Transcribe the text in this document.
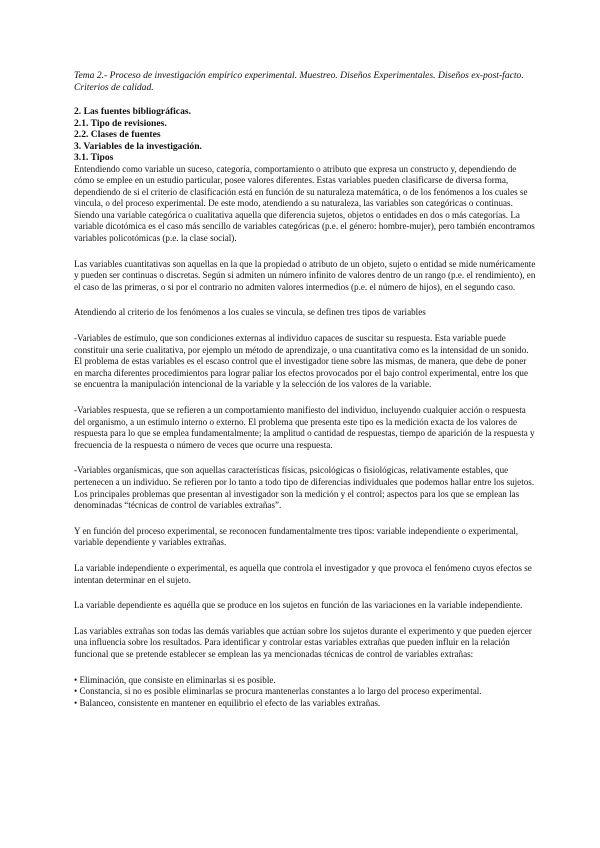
Tema 2.- Proceso de investigación empírico experimental. Muestreo. Diseños Experimentales. Diseños ex-post-facto. Criterios de calidad.
2. Las fuentes bibliográficas.
2.1. Tipo de revisiones.
2.2. Clases de fuentes
3. Variables de la investigación.
3.1. Tipos

Entendiendo como variable un suceso, categoría, comportamiento o atributo que expresa un constructo y, dependiendo de cómo se emplee en un estudio particular, posee valores diferentes. Estas variables pueden clasificarse de diversa forma, dependiendo de si el criterio de clasificación está en función de su naturaleza matemática, o de los fenómenos a los cuales se vincula, o del proceso experimental. De este modo, atendiendo a su naturaleza, las variables son categóricas o continuas. Siendo una variable categórica o cualitativa aquella que diferencia sujetos, objetos o entidades en dos o más categorías. La variable dicotómica es el caso más sencillo de variables categóricas (p.e. el género: hombre-mujer), pero también encontramos variables policotómicas (p.e. la clase social).

Las variables cuantitativas son aquellas en la que la propiedad o atributo de un objeto, sujeto o entidad se mide numéricamente y pueden ser continuas o discretas. Según si admiten un número infinito de valores dentro de un rango (p.e. el rendimiento), en el caso de las primeras, o si por el contrario no admiten valores intermedios (p.e. el número de hijos), en el segundo caso.

Atendiendo al criterio de los fenómenos a los cuales se vincula, se definen tres tipos de variables

-Variables de estímulo, que son condiciones externas al individuo capaces de suscitar su respuesta. Esta variable puede constituir una serie cualitativa, por ejemplo un método de aprendizaje, o una cuantitativa como es la intensidad de un sonido. El problema de estas variables es el escaso control que el investigador tiene sobre las mismas, de manera, que debe de poner en marcha diferentes procedimientos para lograr paliar los efectos provocados por el bajo control experimental, entre los que se encuentra la manipulación intencional de la variable y la selección de los valores de la variable.

-Variables respuesta, que se refieren a un comportamiento manifiesto del individuo, incluyendo cualquier acción o respuesta del organismo, a un estímulo interno o externo. El problema que presenta este tipo es la medición exacta de los valores de respuesta para lo que se emplea fundamentalmente; la amplitud o cantidad de respuestas, tiempo de aparición de la respuesta y frecuencia de la respuesta o número de veces que ocurre una respuesta.

-Variables organísmicas, que son aquellas características físicas, psicológicas o fisiológicas, relativamente estables, que pertenecen a un individuo. Se refieren por lo tanto a todo tipo de diferencias individuales que podemos hallar entre los sujetos. Los principales problemas que presentan al investigador son la medición y el control; aspectos para los que se emplean las denominadas “técnicas de control de variables extrañas”.

Y en función del proceso experimental, se reconocen fundamentalmente tres tipos: variable independiente o experimental, variable dependiente y variables extrañas.

La variable independiente o experimental, es aquella que controla el investigador y que provoca el fenómeno cuyos efectos se intentan determinar en el sujeto.

La variable dependiente es aquélla que se produce en los sujetos en función de las variaciones en la variable independiente.

Las variables extrañas son todas las demás variables que actúan sobre los sujetos durante el experimento y que pueden ejercer una influencia sobre los resultados. Para identificar y controlar estas variables extrañas que pueden influir en la relación funcional que se pretende establecer se emplean las ya mencionadas técnicas de control de variables extrañas:

• Eliminación, que consiste en eliminarlas si es posible.
• Constancia, si no es posible eliminarlas se procura mantenerlas constantes a lo largo del proceso experimental.
• Balanceo, consistente en mantener en equilibrio el efecto de las variables extrañas.
